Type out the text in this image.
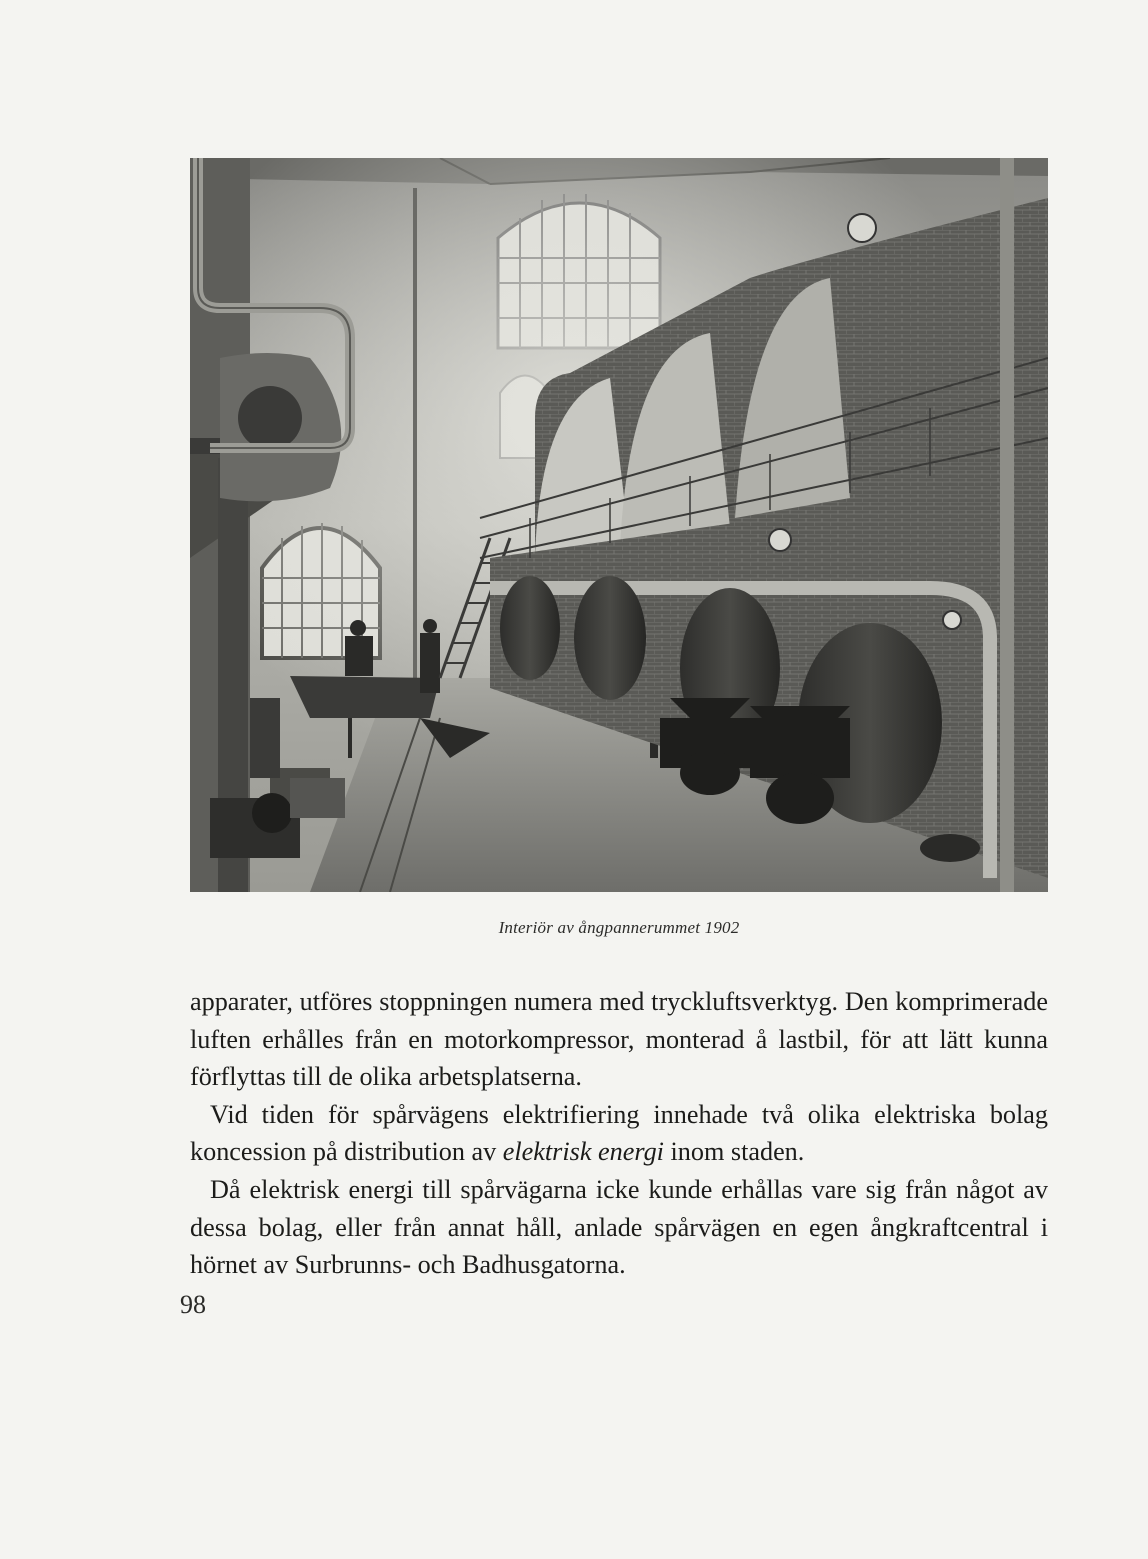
Interiör av ångpannerummet 1902

apparater, utföres stoppningen numera med tryckluftsverktyg. Den komprimerade luften erhålles från en motorkompressor, monterad å lastbil, för att lätt kunna förflyttas till de olika arbetsplatserna.

Vid tiden för spårvägens elektrifiering innehade två olika elektriska bolag koncession på distribution av elektrisk energi inom staden.

Då elektrisk energi till spårvägarna icke kunde erhållas vare sig från något av dessa bolag, eller från annat håll, anlade spårvägen en egen ångkraftcentral i hörnet av Surbrunns- och Badhusgatorna.

98
